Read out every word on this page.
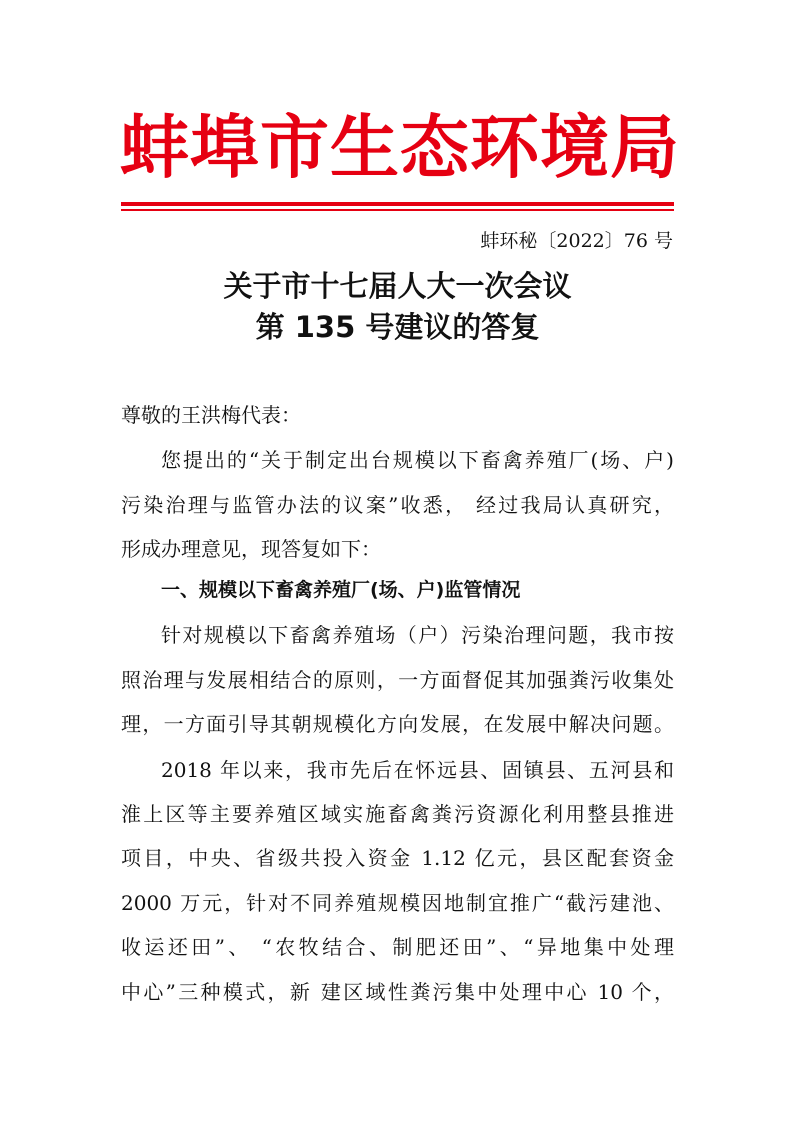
蚌埠市生态环境局
蚌环秘〔2022〕76 号
关于市十七届人大一次会议
第 135 号建议的答复
尊敬的王洪梅代表：
您提出的“关于制定出台规模以下畜禽养殖厂(场、户)
污染治理与监管办法的议案”收悉， 经过我局认真研究，
形成办理意见，现答复如下：
一、规模以下畜禽养殖厂(场、户)监管情况
针对规模以下畜禽养殖场（户）污染治理问题，我市按
照治理与发展相结合的原则，一方面督促其加强粪污收集处
理，一方面引导其朝规模化方向发展，在发展中解决问题。
2018 年以来，我市先后在怀远县、固镇县、五河县和
淮上区等主要养殖区域实施畜禽粪污资源化利用整县推进
项目，中央、省级共投入资金 1.12 亿元，县区配套资金
2000 万元，针对不同养殖规模因地制宜推广“截污建池、
收运还田”、 “农牧结合、制肥还田”、“异地集中处理
中心”三种模式，新 建区域性粪污集中处理中心 10 个，
